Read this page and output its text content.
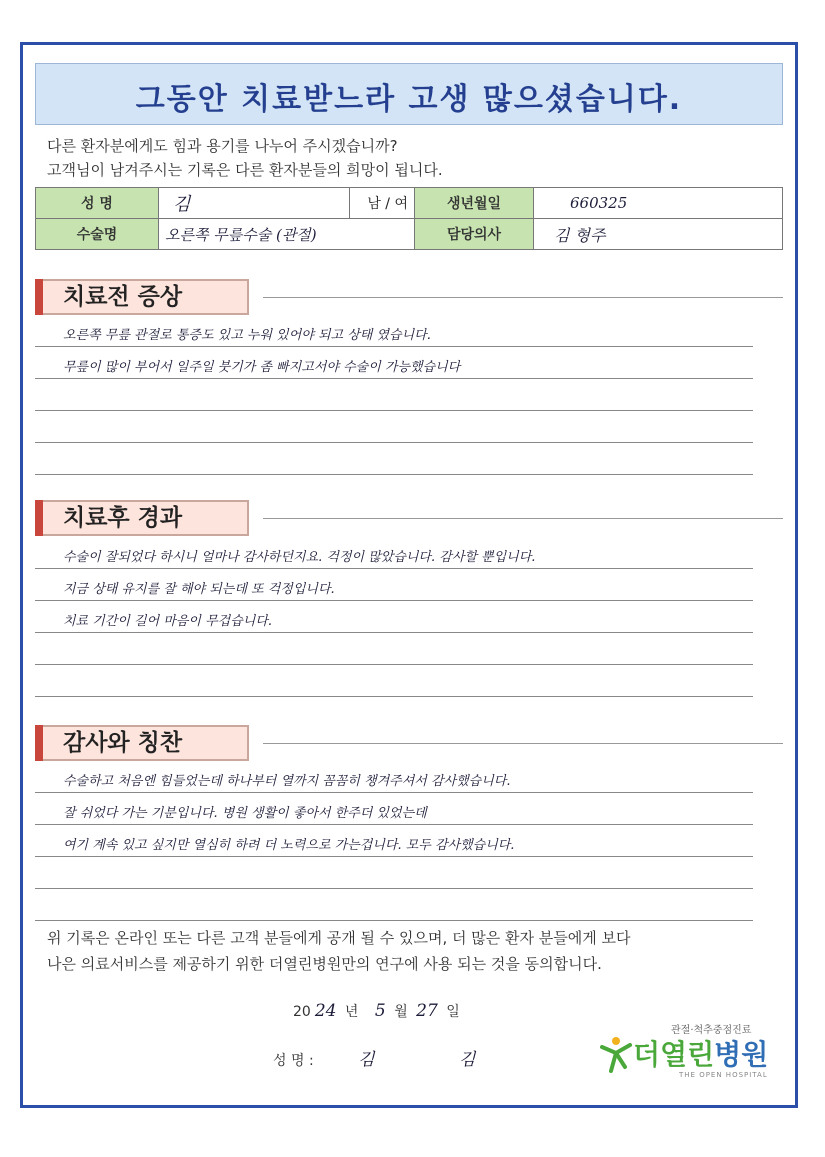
그동안 치료받느라 고생 많으셨습니다.
다른 환자분에게도 힘과 용기를 나누어 주시겠습니까?
고객님이 남겨주시는 기록은 다른 환자분들의 희망이 됩니다.
성 명	김	남 / 여	생년월일	660325
수술명	오른쪽 무릎수술 (관절)		담당의사	김 형주
치료전 증상
오른쪽 무릎 관절로 통증도 있고 누워 있어야 되고 상태 였습니다.
무릎이 많이 부어서 일주일 붓기가 좀 빠지고서야 수술이 가능했습니다
치료후 경과
수술이 잘되었다 하시니 얼마나 감사하던지요. 걱정이 많았습니다. 감사할 뿐입니다.
지금 상태 유지를 잘 해야 되는데 또 걱정입니다.
치료 기간이 길어 마음이 무겁습니다.
감사와 칭찬
수술하고 처음엔 힘들었는데 하나부터 열까지 꼼꼼히 챙겨주셔서 감사했습니다.
잘 쉬었다 가는 기분입니다. 병원 생활이 좋아서 한주더 있었는데
여기 계속 있고 싶지만 열심히 하려 더 노력으로 가는겁니다. 모두 감사했습니다.
위 기록은 온라인 또는 다른 고객 분들에게 공개 될 수 있으며, 더 많은 환자 분들에게 보다
나은 의료서비스를 제공하기 위한 더열린병원만의 연구에 사용 되는 것을 동의합니다.
20 24 년 5 월 27 일
성 명 :	김	김
관절·척추중점진료
더열린병원
THE OPEN HOSPITAL
